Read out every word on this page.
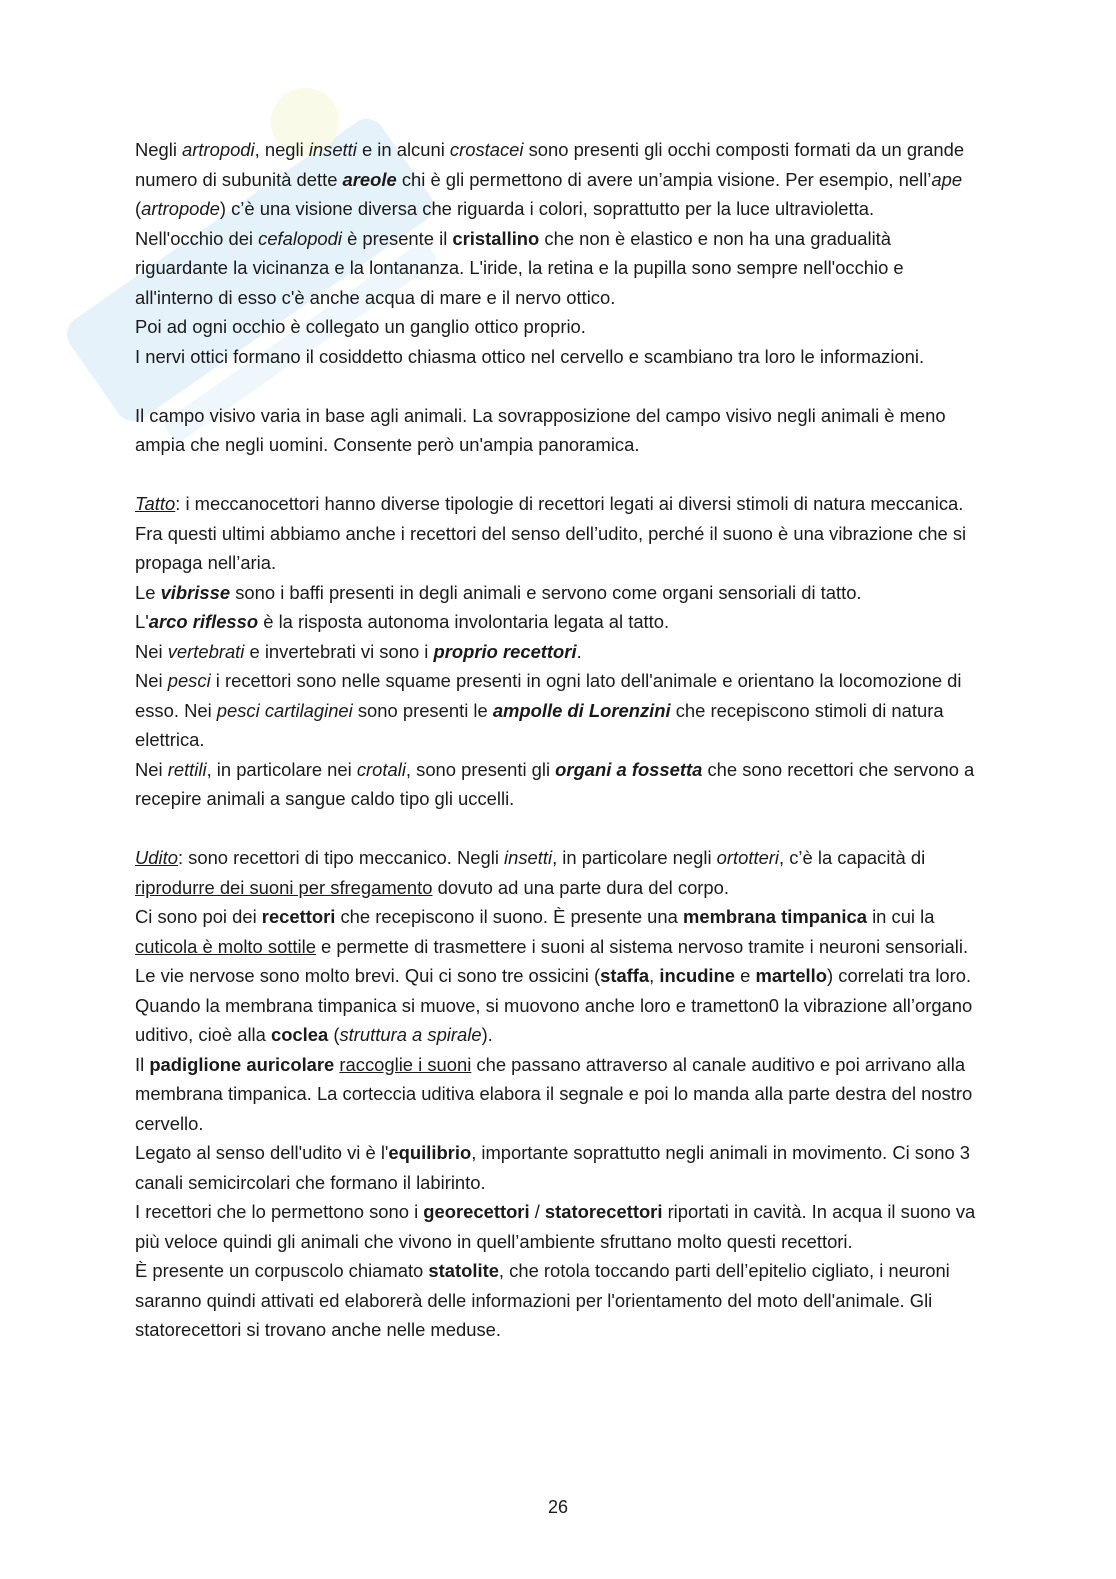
Negli artropodi, negli insetti e in alcuni crostacei sono presenti gli occhi composti formati da un grande numero di subunità dette areole chi è gli permettono di avere un’ampia visione. Per esempio, nell’ape (artropode) c’è una visione diversa che riguarda i colori, soprattutto per la luce ultravioletta.

Nell'occhio dei cefalopodi è presente il cristallino che non è elastico e non ha una gradualità riguardante la vicinanza e la lontananza. L'iride, la retina e la pupilla sono sempre nell'occhio e all'interno di esso c'è anche acqua di mare e il nervo ottico.

Poi ad ogni occhio è collegato un ganglio ottico proprio.

I nervi ottici formano il cosiddetto chiasma ottico nel cervello e scambiano tra loro le informazioni.

Il campo visivo varia in base agli animali. La sovrapposizione del campo visivo negli animali è meno ampia che negli uomini. Consente però un'ampia panoramica.

Tatto: i meccanocettori hanno diverse tipologie di recettori legati ai diversi stimoli di natura meccanica. Fra questi ultimi abbiamo anche i recettori del senso dell’udito, perché il suono è una vibrazione che si propaga nell’aria.

Le vibrisse sono i baffi presenti in degli animali e servono come organi sensoriali di tatto.

L'arco riflesso è la risposta autonoma involontaria legata al tatto.

Nei vertebrati e invertebrati vi sono i proprio recettori.

Nei pesci i recettori sono nelle squame presenti in ogni lato dell'animale e orientano la locomozione di esso. Nei pesci cartilaginei sono presenti le ampolle di Lorenzini che recepiscono stimoli di natura elettrica.

Nei rettili, in particolare nei crotali, sono presenti gli organi a fossetta che sono recettori che servono a recepire animali a sangue caldo tipo gli uccelli.

Udito: sono recettori di tipo meccanico. Negli insetti, in particolare negli ortotteri, c’è la capacità di riprodurre dei suoni per sfregamento dovuto ad una parte dura del corpo.

Ci sono poi dei recettori che recepiscono il suono. È presente una membrana timpanica in cui la cuticola è molto sottile e permette di trasmettere i suoni al sistema nervoso tramite i neuroni sensoriali. Le vie nervose sono molto brevi. Qui ci sono tre ossicini (staffa, incudine e martello) correlati tra loro. Quando la membrana timpanica si muove, si muovono anche loro e trametton0 la vibrazione all’organo uditivo, cioè alla coclea (struttura a spirale).

Il padiglione auricolare raccoglie i suoni che passano attraverso al canale auditivo e poi arrivano alla membrana timpanica. La corteccia uditiva elabora il segnale e poi lo manda alla parte destra del nostro cervello.

Legato al senso dell'udito vi è l'equilibrio, importante soprattutto negli animali in movimento. Ci sono 3 canali semicircolari che formano il labirinto.

I recettori che lo permettono sono i georecettori / statorecettori riportati in cavità. In acqua il suono va più veloce quindi gli animali che vivono in quell’ambiente sfruttano molto questi recettori.

È presente un corpuscolo chiamato statolite, che rotola toccando parti dell’epitelio cigliato, i neuroni saranno quindi attivati ed elaborerà delle informazioni per l'orientamento del moto dell'animale. Gli statorecettori si trovano anche nelle meduse.

26
